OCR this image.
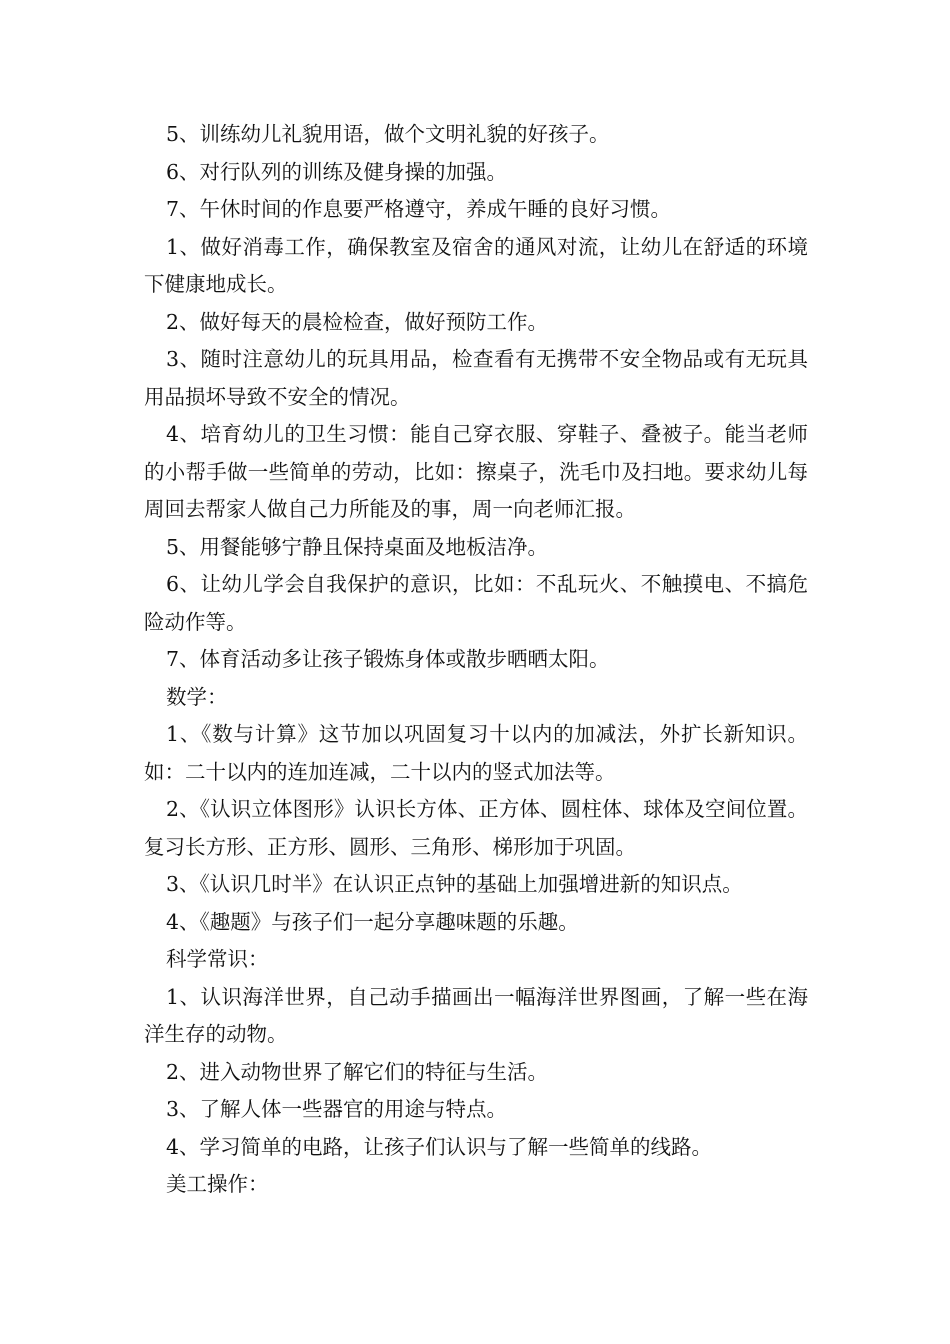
5、训练幼儿礼貌用语，做个文明礼貌的好孩子。

6、对行队列的训练及健身操的加强。

7、午休时间的作息要严格遵守，养成午睡的良好习惯。

1、做好消毒工作，确保教室及宿舍的通风对流，让幼儿在舒适的环境下健康地成长。

2、做好每天的晨检检查，做好预防工作。

3、随时注意幼儿的玩具用品，检查看有无携带不安全物品或有无玩具用品损坏导致不安全的情况。

4、培育幼儿的卫生习惯：能自己穿衣服、穿鞋子、叠被子。能当老师的小帮手做一些简单的劳动，比如：擦桌子，洗毛巾及扫地。要求幼儿每周回去帮家人做自己力所能及的事，周一向老师汇报。

5、用餐能够宁静且保持桌面及地板洁净。

6、让幼儿学会自我保护的意识，比如：不乱玩火、不触摸电、不搞危险动作等。

7、体育活动多让孩子锻炼身体或散步晒晒太阳。

数学：

1、《数与计算》这节加以巩固复习十以内的加减法，外扩长新知识。如：二十以内的连加连减，二十以内的竖式加法等。

2、《认识立体图形》认识长方体、正方体、圆柱体、球体及空间位置。复习长方形、正方形、圆形、三角形、梯形加于巩固。

3、《认识几时半》在认识正点钟的基础上加强增进新的知识点。

4、《趣题》与孩子们一起分享趣味题的乐趣。

科学常识：

1、认识海洋世界，自己动手描画出一幅海洋世界图画，了解一些在海洋生存的动物。

2、进入动物世界了解它们的特征与生活。

3、了解人体一些器官的用途与特点。

4、学习简单的电路，让孩子们认识与了解一些简单的线路。

美工操作：
